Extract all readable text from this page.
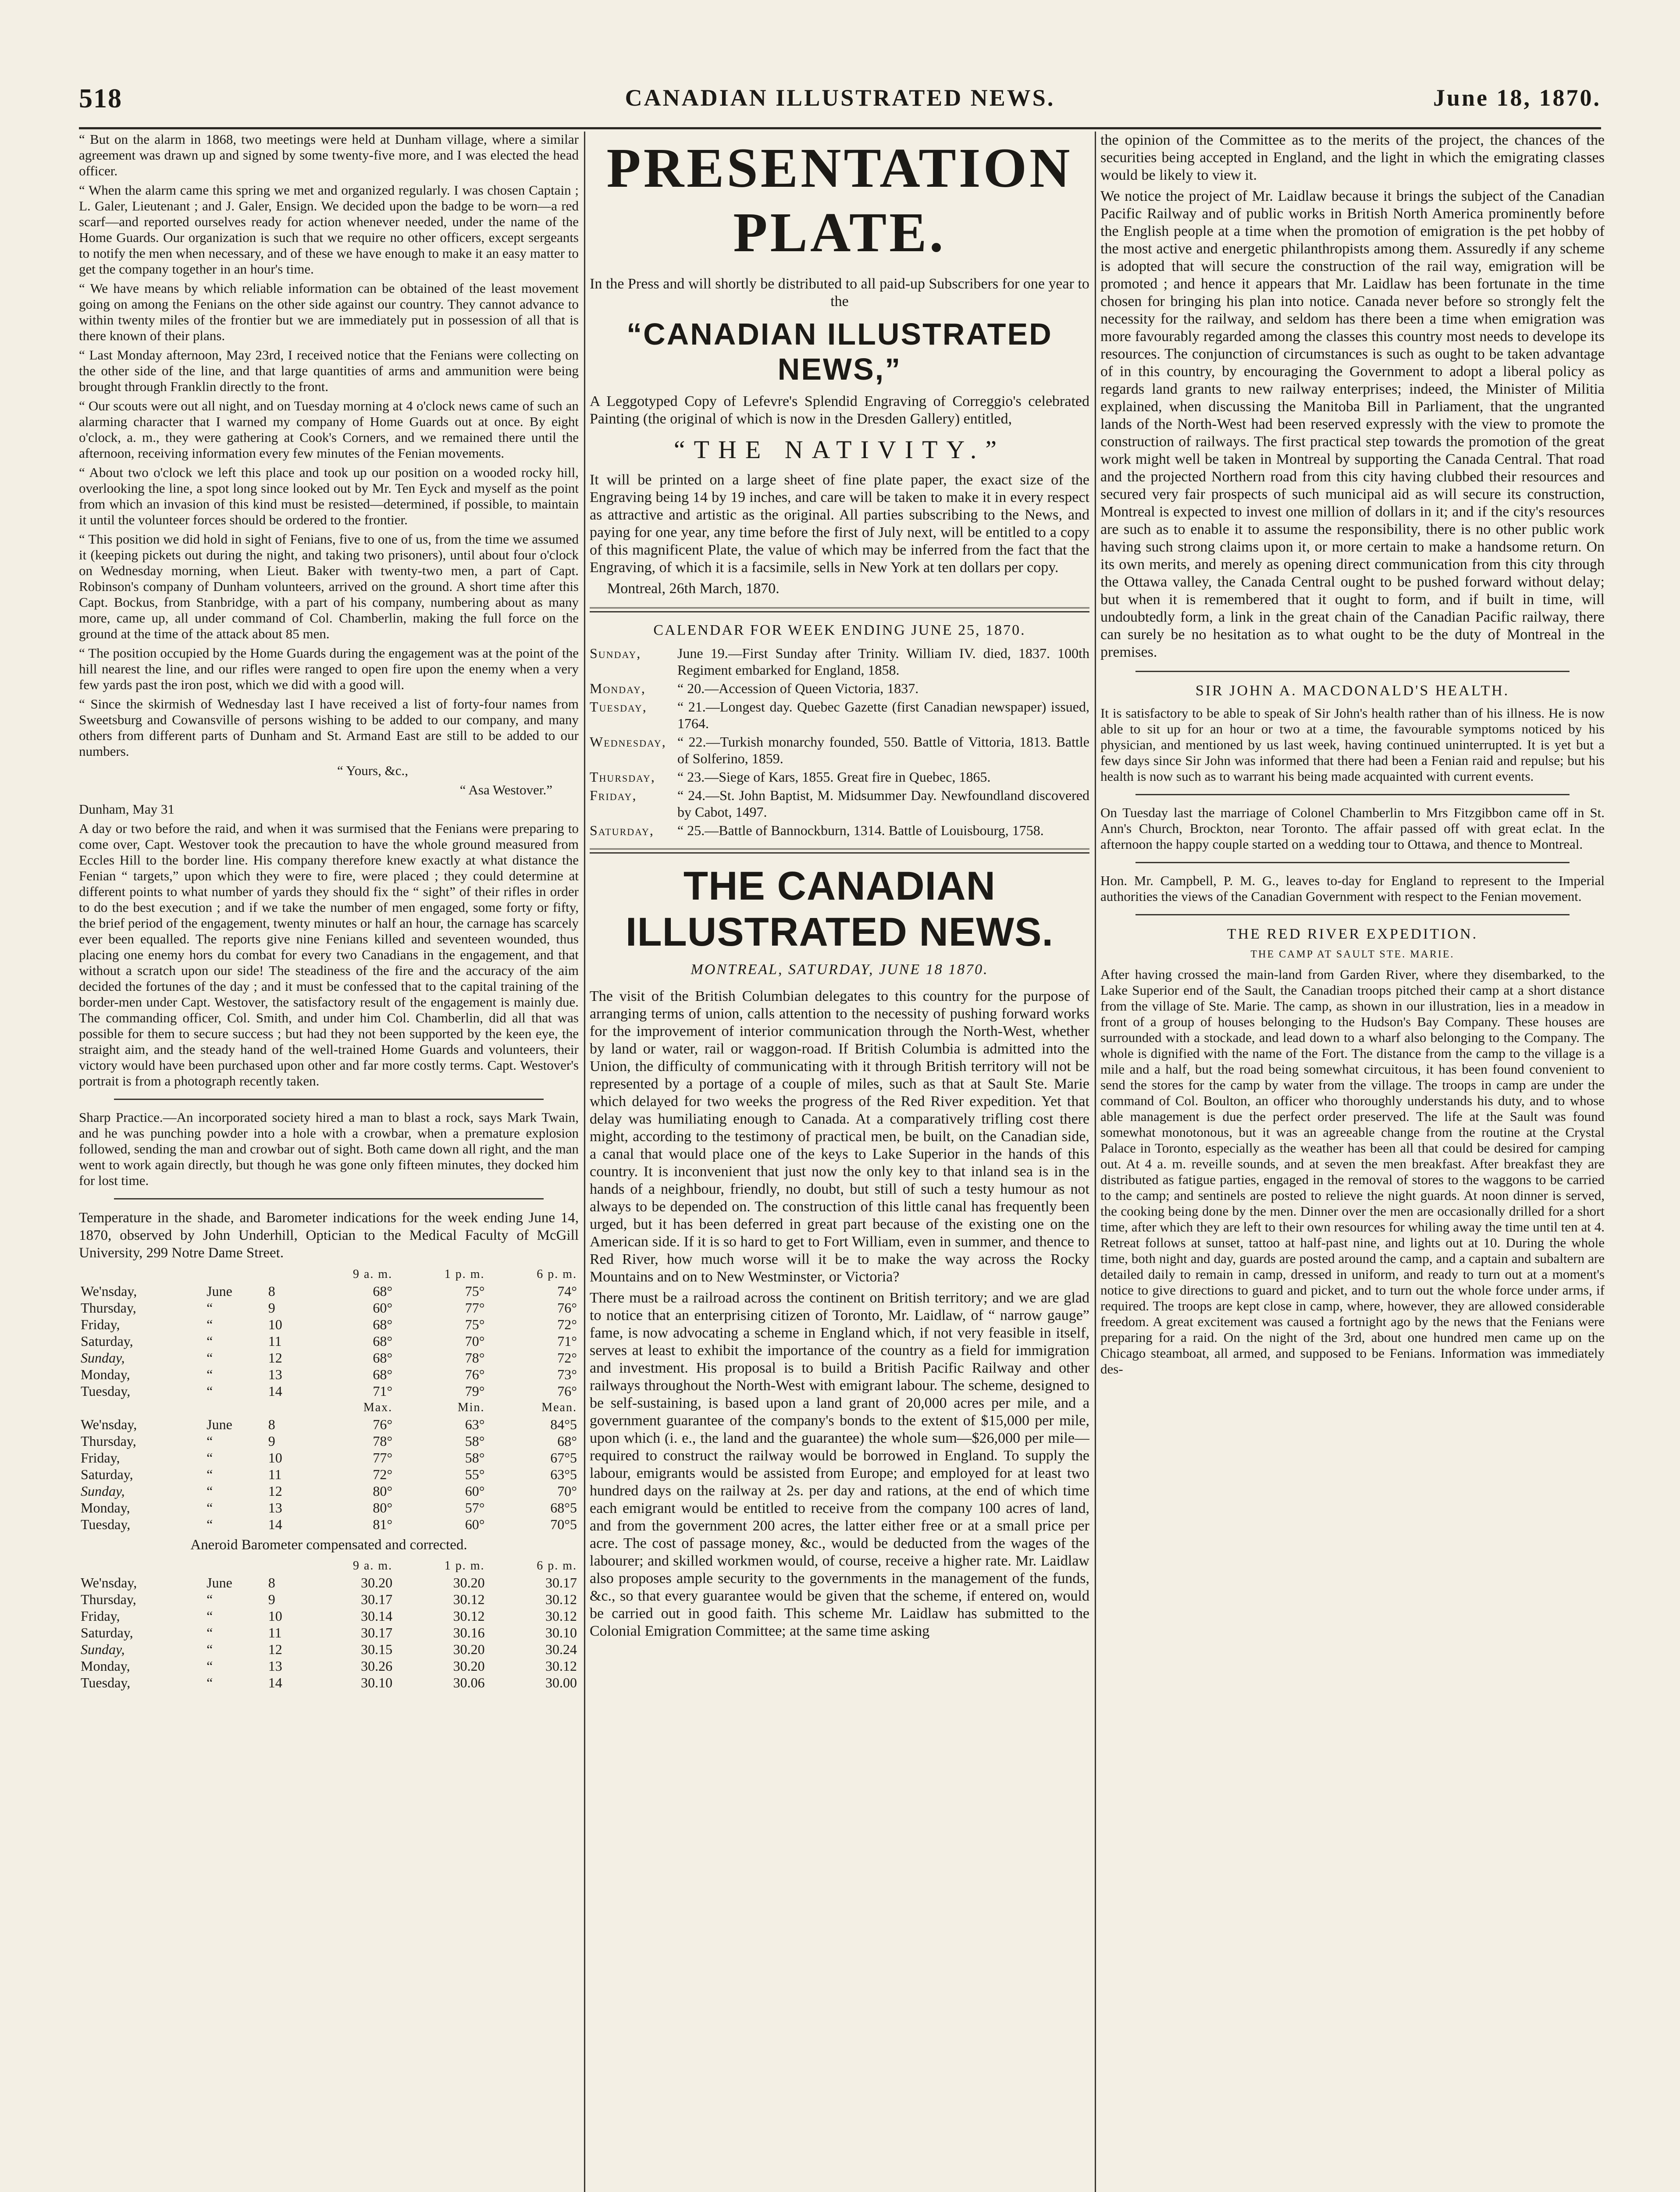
518	CANADIAN ILLUSTRATED NEWS.	June 18, 1870.

“ But on the alarm in 1868, two meetings were held at Dunham village, where a similar agreement was drawn up and signed by some twenty-five more, and I was elected the head officer.

“ When the alarm came this spring we met and organized regularly. I was chosen Captain ; L. Galer, Lieutenant ; and J. Galer, Ensign. We decided upon the badge to be worn—a red scarf—and reported ourselves ready for action whenever needed, under the name of the Home Guards. Our organization is such that we require no other officers, except sergeants to notify the men when necessary, and of these we have enough to make it an easy matter to get the company together in an hour's time.

“ We have means by which reliable information can be obtained of the least movement going on among the Fenians on the other side against our country. They cannot advance to within twenty miles of the frontier but we are immediately put in possession of all that is there known of their plans.

“ Last Monday afternoon, May 23rd, I received notice that the Fenians were collecting on the other side of the line, and that large quantities of arms and ammunition were being brought through Franklin directly to the front.

“ Our scouts were out all night, and on Tuesday morning at 4 o'clock news came of such an alarming character that I warned my company of Home Guards out at once. By eight o'clock, a. m., they were gathering at Cook's Corners, and we remained there until the afternoon, receiving information every few minutes of the Fenian movements.

“ About two o'clock we left this place and took up our position on a wooded rocky hill, overlooking the line, a spot long since looked out by Mr. Ten Eyck and myself as the point from which an invasion of this kind must be resisted—determined, if possible, to maintain it until the volunteer forces should be ordered to the frontier.

“ This position we did hold in sight of Fenians, five to one of us, from the time we assumed it (keeping pickets out during the night, and taking two prisoners), until about four o'clock on Wednesday morning, when Lieut. Baker with twenty-two men, a part of Capt. Robinson's company of Dunham volunteers, arrived on the ground. A short time after this Capt. Bockus, from Stanbridge, with a part of his company, numbering about as many more, came up, all under command of Col. Chamberlin, making the full force on the ground at the time of the attack about 85 men.

“ The position occupied by the Home Guards during the engagement was at the point of the hill nearest the line, and our rifles were ranged to open fire upon the enemy when a very few yards past the iron post, which we did with a good will.

“ Since the skirmish of Wednesday last I have received a list of forty-four names from Sweetsburg and Cowansville of persons wishing to be added to our company, and many others from different parts of Dunham and St. Armand East are still to be added to our numbers.

“ Yours, &c.,

“ Asa Westover.”

Dunham, May 31

A day or two before the raid, and when it was surmised that the Fenians were preparing to come over, Capt. Westover took the precaution to have the whole ground measured from Eccles Hill to the border line. His company therefore knew exactly at what distance the Fenian “ targets,” upon which they were to fire, were placed ; they could determine at different points to what number of yards they should fix the “ sight” of their rifles in order to do the best execution ; and if we take the number of men engaged, some forty or fifty, the brief period of the engagement, twenty minutes or half an hour, the carnage has scarcely ever been equalled. The reports give nine Fenians killed and seventeen wounded, thus placing one enemy hors du combat for every two Canadians in the engagement, and that without a scratch upon our side! The steadiness of the fire and the accuracy of the aim decided the fortunes of the day ; and it must be confessed that to the capital training of the border-men under Capt. Westover, the satisfactory result of the engagement is mainly due. The commanding officer, Col. Smith, and under him Col. Chamberlin, did all that was possible for them to secure success ; but had they not been supported by the keen eye, the straight aim, and the steady hand of the well-trained Home Guards and volunteers, their victory would have been purchased upon other and far more costly terms. Capt. Westover's portrait is from a photograph recently taken.

Sharp Practice.—An incorporated society hired a man to blast a rock, says Mark Twain, and he was punching powder into a hole with a crowbar, when a premature explosion followed, sending the man and crowbar out of sight. Both came down all right, and the man went to work again directly, but though he was gone only fifteen minutes, they docked him for lost time.

Temperature in the shade, and Barometer indications for the week ending June 14, 1870, observed by John Underhill, Optician to the Medical Faculty of McGill University, 299 Notre Dame Street.
			9 a. m.	1 p. m.	6 p. m.
We'nsday,	June	8	68°	75°	74°
Thursday,	“	9	60°	77°	76°
Friday,	“	10	68°	75°	72°
Saturday,	“	11	68°	70°	71°
Sunday,	“	12	68°	78°	72°
Monday,	“	13	68°	76°	73°
Tuesday,	“	14	71°	79°	76°
			Max.	Min.	Mean.
We'nsday,	June	8	76°	63°	84°5
Thursday,	“	9	78°	58°	68°
Friday,	“	10	77°	58°	67°5
Saturday,	“	11	72°	55°	63°5
Sunday,	“	12	80°	60°	70°
Monday,	“	13	80°	57°	68°5
Tuesday,	“	14	81°	60°	70°5
Aneroid Barometer compensated and corrected.
			9 a. m.	1 p. m.	6 p. m.
We'nsday,	June	8	30.20	30.20	30.17
Thursday,	“	9	30.17	30.12	30.12
Friday,	“	10	30.14	30.12	30.12
Saturday,	“	11	30.17	30.16	30.10
Sunday,	“	12	30.15	30.20	30.24
Monday,	“	13	30.26	30.20	30.12
Tuesday,	“	14	30.10	30.06	30.00
PRESENTATION PLATE.

In the Press and will shortly be distributed to all paid-up Subscribers for one year to the

“CANADIAN ILLUSTRATED NEWS,”

A Leggotyped Copy of Lefevre's Splendid Engraving of Correggio's celebrated Painting (the original of which is now in the Dresden Gallery) entitled,

“THE NATIVITY.”

It will be printed on a large sheet of fine plate paper, the exact size of the Engraving being 14 by 19 inches, and care will be taken to make it in every respect as attractive and artistic as the original. All parties subscribing to the News, and paying for one year, any time before the first of July next, will be entitled to a copy of this magnificent Plate, the value of which may be inferred from the fact that the Engraving, of which it is a facsimile, sells in New York at ten dollars per copy.

Montreal, 26th March, 1870.

CALENDAR FOR WEEK ENDING JUNE 25, 1870.
Sunday,	June 19.—First Sunday after Trinity. William IV. died, 1837. 100th Regiment embarked for England, 1858.
Monday,	“ 20.—Accession of Queen Victoria, 1837.
Tuesday,	“ 21.—Longest day. Quebec Gazette (first Canadian newspaper) issued, 1764.
Wednesday, “ 22.—Turkish monarchy founded, 550. Battle of Vittoria, 1813. Battle of Solferino, 1859.
Thursday,	“ 23.—Siege of Kars, 1855. Great fire in Quebec, 1865.
Friday,	“ 24.—St. John Baptist, M. Midsummer Day. Newfoundland discovered by Cabot, 1497.
Saturday,	“ 25.—Battle of Bannockburn, 1314. Battle of Louisbourg, 1758.
THE CANADIAN ILLUSTRATED NEWS.
MONTREAL, SATURDAY, JUNE 18 1870.

The visit of the British Columbian delegates to this country for the purpose of arranging terms of union, calls attention to the necessity of pushing forward works for the improvement of interior communication through the North-West, whether by land or water, rail or waggon-road. If British Columbia is admitted into the Union, the difficulty of communicating with it through British territory will not be represented by a portage of a couple of miles, such as that at Sault Ste. Marie which delayed for two weeks the progress of the Red River expedition. Yet that delay was humiliating enough to Canada. At a comparatively trifling cost there might, according to the testimony of practical men, be built, on the Canadian side, a canal that would place one of the keys to Lake Superior in the hands of this country. It is inconvenient that just now the only key to that inland sea is in the hands of a neighbour, friendly, no doubt, but still of such a testy humour as not always to be depended on. The construction of this little canal has frequently been urged, but it has been deferred in great part because of the existing one on the American side. If it is so hard to get to Fort William, even in summer, and thence to Red River, how much worse will it be to make the way across the Rocky Mountains and on to New Westminster, or Victoria?

There must be a railroad across the continent on British territory; and we are glad to notice that an enterprising citizen of Toronto, Mr. Laidlaw, of “ narrow gauge” fame, is now advocating a scheme in England which, if not very feasible in itself, serves at least to exhibit the importance of the country as a field for immigration and investment. His proposal is to build a British Pacific Railway and other railways throughout the North-West with emigrant labour. The scheme, designed to be self-sustaining, is based upon a land grant of 20,000 acres per mile, and a government guarantee of the company's bonds to the extent of $15,000 per mile, upon which (i. e., the land and the guarantee) the whole sum—$26,000 per mile—required to construct the railway would be borrowed in England. To supply the labour, emigrants would be assisted from Europe; and employed for at least two hundred days on the railway at 2s. per day and rations, at the end of which time each emigrant would be entitled to receive from the company 100 acres of land, and from the government 200 acres, the latter either free or at a small price per acre. The cost of passage money, &c., would be deducted from the wages of the labourer; and skilled workmen would, of course, receive a higher rate. Mr. Laidlaw also proposes ample security to the governments in the management of the funds, &c., so that every guarantee would be given that the scheme, if entered on, would be carried out in good faith. This scheme Mr. Laidlaw has submitted to the Colonial Emigration Committee; at the same time asking

the opinion of the Committee as to the merits of the project, the chances of the securities being accepted in England, and the light in which the emigrating classes would be likely to view it.

We notice the project of Mr. Laidlaw because it brings the subject of the Canadian Pacific Railway and of public works in British North America prominently before the English people at a time when the promotion of emigration is the pet hobby of the most active and energetic philanthropists among them. Assuredly if any scheme is adopted that will secure the construction of the rail way, emigration will be promoted ; and hence it appears that Mr. Laidlaw has been fortunate in the time chosen for bringing his plan into notice. Canada never before so strongly felt the necessity for the railway, and seldom has there been a time when emigration was more favourably regarded among the classes this country most needs to develope its resources. The conjunction of circumstances is such as ought to be taken advantage of in this country, by encouraging the Government to adopt a liberal policy as regards land grants to new railway enterprises; indeed, the Minister of Militia explained, when discussing the Manitoba Bill in Parliament, that the ungranted lands of the North-West had been reserved expressly with the view to promote the construction of railways. The first practical step towards the promotion of the great work might well be taken in Montreal by supporting the Canada Central. That road and the projected Northern road from this city having clubbed their resources and secured very fair prospects of such municipal aid as will secure its construction, Montreal is expected to invest one million of dollars in it; and if the city's resources are such as to enable it to assume the responsibility, there is no other public work having such strong claims upon it, or more certain to make a handsome return. On its own merits, and merely as opening direct communication from this city through the Ottawa valley, the Canada Central ought to be pushed forward without delay; but when it is remembered that it ought to form, and if built in time, will undoubtedly form, a link in the great chain of the Canadian Pacific railway, there can surely be no hesitation as to what ought to be the duty of Montreal in the premises.

SIR JOHN A. MACDONALD'S HEALTH.

It is satisfactory to be able to speak of Sir John's health rather than of his illness. He is now able to sit up for an hour or two at a time, the favourable symptoms noticed by his physician, and mentioned by us last week, having continued uninterrupted. It is yet but a few days since Sir John was informed that there had been a Fenian raid and repulse; but his health is now such as to warrant his being made acquainted with current events.

On Tuesday last the marriage of Colonel Chamberlin to Mrs Fitzgibbon came off in St. Ann's Church, Brockton, near Toronto. The affair passed off with great eclat. In the afternoon the happy couple started on a wedding tour to Ottawa, and thence to Montreal.

Hon. Mr. Campbell, P. M. G., leaves to-day for England to represent to the Imperial authorities the views of the Canadian Government with respect to the Fenian movement.

THE RED RIVER EXPEDITION.
THE CAMP AT SAULT STE. MARIE.

After having crossed the main-land from Garden River, where they disembarked, to the Lake Superior end of the Sault, the Canadian troops pitched their camp at a short distance from the village of Ste. Marie. The camp, as shown in our illustration, lies in a meadow in front of a group of houses belonging to the Hudson's Bay Company. These houses are surrounded with a stockade, and lead down to a wharf also belonging to the Company. The whole is dignified with the name of the Fort. The distance from the camp to the village is a mile and a half, but the road being somewhat circuitous, it has been found convenient to send the stores for the camp by water from the village. The troops in camp are under the command of Col. Boulton, an officer who thoroughly understands his duty, and to whose able management is due the perfect order preserved. The life at the Sault was found somewhat monotonous, but it was an agreeable change from the routine at the Crystal Palace in Toronto, especially as the weather has been all that could be desired for camping out. At 4 a. m. reveille sounds, and at seven the men breakfast. After breakfast they are distributed as fatigue parties, engaged in the removal of stores to the waggons to be carried to the camp; and sentinels are posted to relieve the night guards. At noon dinner is served, the cooking being done by the men. Dinner over the men are occasionally drilled for a short time, after which they are left to their own resources for whiling away the time until ten at 4. Retreat follows at sunset, tattoo at half-past nine, and lights out at 10. During the whole time, both night and day, guards are posted around the camp, and a captain and subaltern are detailed daily to remain in camp, dressed in uniform, and ready to turn out at a moment's notice to give directions to guard and picket, and to turn out the whole force under arms, if required. The troops are kept close in camp, where, however, they are allowed considerable freedom. A great excitement was caused a fortnight ago by the news that the Fenians were preparing for a raid. On the night of the 3rd, about one hundred men came up on the Chicago steamboat, all armed, and supposed to be Fenians. Information was immediately des-
